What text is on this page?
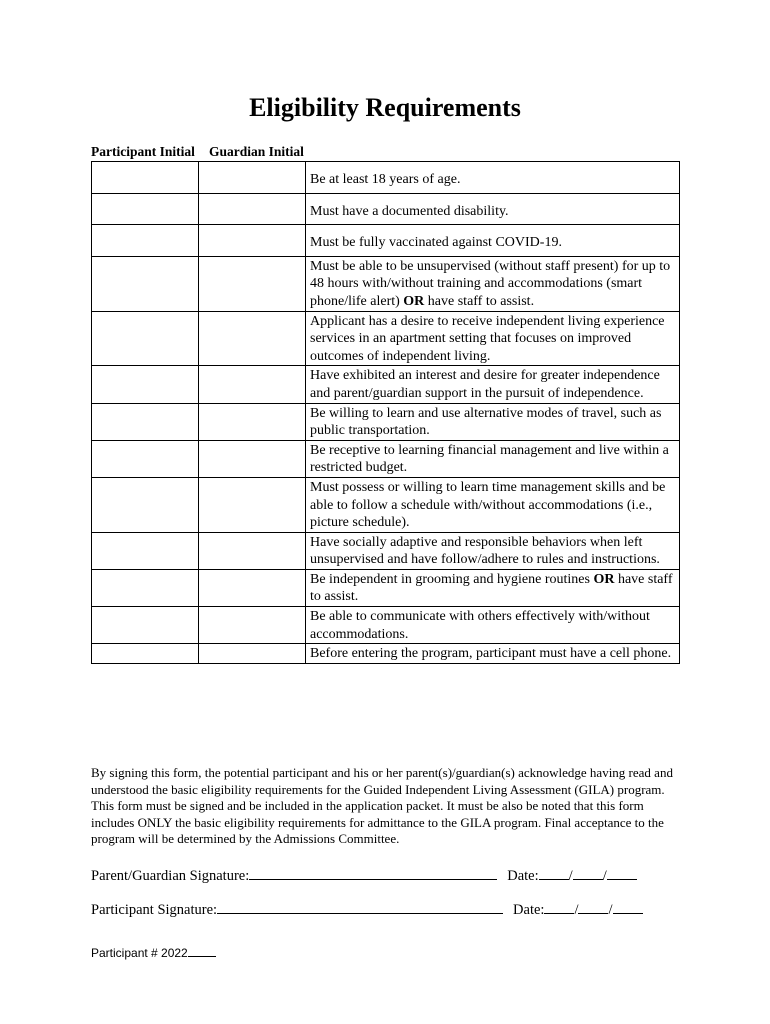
Eligibility Requirements
Participant Initial Guardian Initial
		Be at least 18 years of age.
		Must have a documented disability.
		Must be fully vaccinated against COVID-19.
		Must be able to be unsupervised (without staff present) for up to 48 hours with/without training and accommodations (smart phone/life alert) OR have staff to assist.
		Applicant has a desire to receive independent living experience services in an apartment setting that focuses on improved outcomes of independent living.
		Have exhibited an interest and desire for greater independence and parent/guardian support in the pursuit of independence.
		Be willing to learn and use alternative modes of travel, such as public transportation.
		Be receptive to learning financial management and live within a restricted budget.
		Must possess or willing to learn time management skills and be able to follow a schedule with/without accommodations (i.e., picture schedule).
		Have socially adaptive and responsible behaviors when left unsupervised and have follow/adhere to rules and instructions.
		Be independent in grooming and hygiene routines OR have staff to assist.
		Be able to communicate with others effectively with/without accommodations.
		Before entering the program, participant must have a cell phone.

By signing this form, the potential participant and his or her parent(s)/guardian(s) acknowledge having read and understood the basic eligibility requirements for the Guided Independent Living Assessment (GILA) program. This form must be signed and be included in the application packet. It must be also be noted that this form includes ONLY the basic eligibility requirements for admittance to the GILA program. Final acceptance to the program will be determined by the Admissions Committee.

Parent/Guardian Signature:	Date: / /
Participant Signature:	Date: / /
Participant # 2022
